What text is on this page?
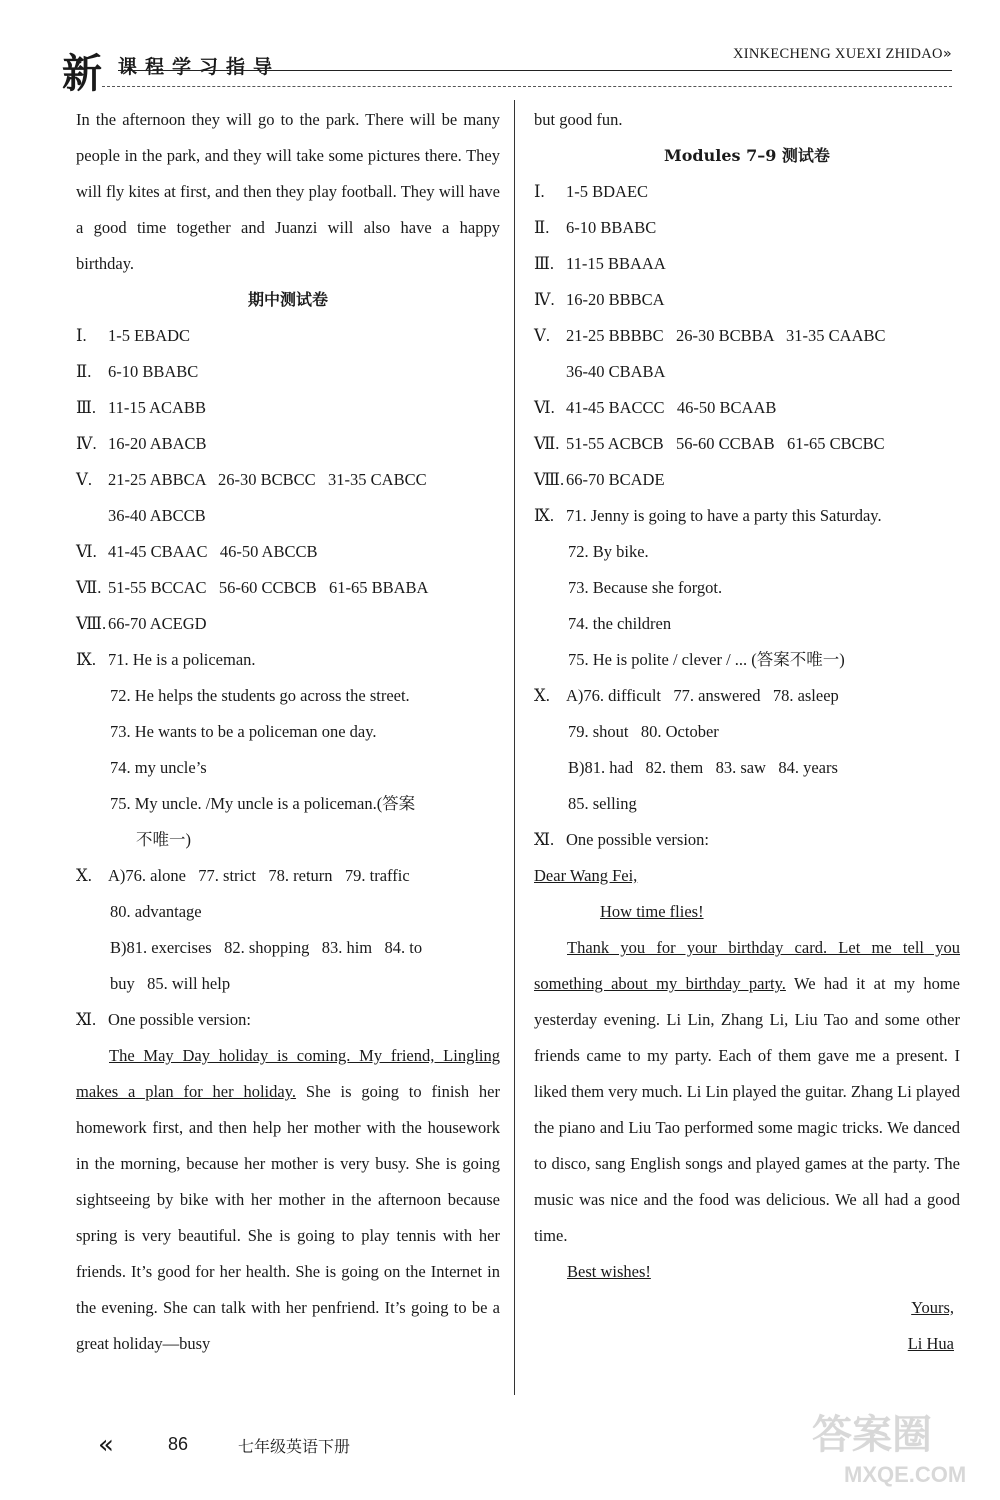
新 课程学习指导
XINKECHENG XUEXI ZHIDAO»

In the afternoon they will go to the park. There will be many people in the park, and they will take some pictures there. They will fly kites at first, and then they play football. They will have a good time together and Juanzi will also have a happy birthday.

期中测试卷
Ⅰ.	1-5 EBADC
Ⅱ.	6-10 BBABC
Ⅲ. 11-15 ACABB
Ⅳ. 16-20 ABACB
Ⅴ. 21-25 ABBCA   26-30 BCBCC   31-35 CABCC
36-40 ABCCB
Ⅵ. 41-45 CBAAC   46-50 ABCCB
Ⅶ. 51-55 BCCAC   56-60 CCBCB   61-65 BBABA
Ⅷ. 66-70 ACEGD
Ⅸ. 71. He is a policeman.
72. He helps the students go across the street.
73. He wants to be a policeman one day.
74. my uncle’s
75. My uncle. /My uncle is a policeman.(答案
不唯一)
Ⅹ. A)76. alone   77. strict   78. return   79. traffic
80. advantage
B)81. exercises   82. shopping   83. him   84. to
buy   85. will help
Ⅺ. One possible version:

The May Day holiday is coming. My friend, Lingling makes a plan for her holiday. She is going to finish her homework first, and then help her mother with the housework in the morning, because her mother is very busy. She is going sightseeing by bike with her mother in the afternoon because spring is very beautiful. She is going to play tennis with her friends. It’s good for her health. She is going on the Internet in the evening. She can talk with her penfriend. It’s going to be a great holiday—busy

but good fun.
Modules 7–9 测试卷
Ⅰ.	1-5 BDAEC
Ⅱ.	6-10 BBABC
Ⅲ. 11-15 BBAAA
Ⅳ. 16-20 BBBCA
Ⅴ. 21-25 BBBBC   26-30 BCBBA   31-35 CAABC
36-40 CBABA
Ⅵ. 41-45 BACCC   46-50 BCAAB
Ⅶ. 51-55 ACBCB   56-60 CCBAB   61-65 CBCBC
Ⅷ. 66-70 BCADE
Ⅸ. 71. Jenny is going to have a party this Saturday.
72. By bike.
73. Because she forgot.
74. the children
75. He is polite / clever / ... (答案不唯一)
Ⅹ. A)76. difficult   77. answered   78. asleep
79. shout   80. October
B)81. had   82. them   83. saw   84. years
85. selling
Ⅺ. One possible version:
Dear Wang Fei,
How time flies!

Thank you for your birthday card. Let me tell you something about my birthday party. We had it at my home yesterday evening. Li Lin, Zhang Li, Liu Tao and some other friends came to my party. Each of them gave me a present. I liked them very much. Li Lin played the guitar. Zhang Li played the piano and Liu Tao performed some magic tricks. We danced to disco, sang English songs and played games at the party. The music was nice and the food was delicious. We all had a good time.

Best wishes!
Yours,
Li Hua
«	86	七年级英语下册	答案圈
MXQE.COM
